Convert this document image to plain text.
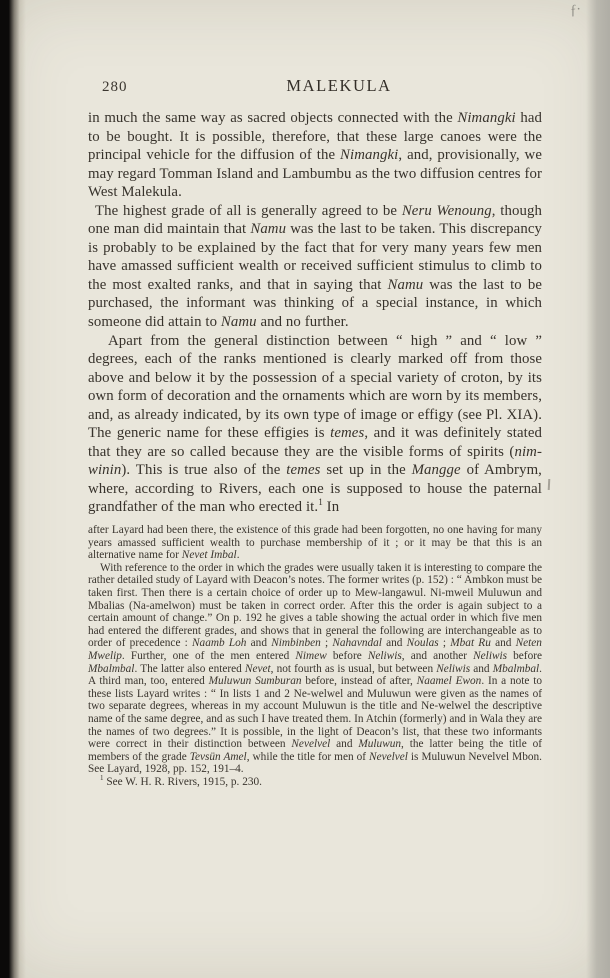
ƒ·
280	MALEKULA

in much the same way as sacred objects connected with the Nimangki had to be bought. It is possible, therefore, that these large canoes were the principal vehicle for the diffusion of the Nimangki, and, provisionally, we may regard Tomman Island and Lambumbu as the two diffusion centres for West Malekula.

The highest grade of all is generally agreed to be Neru Wenoung, though one man did maintain that Namu was the last to be taken. This discrepancy is probably to be explained by the fact that for very many years few men have amassed sufficient wealth or received sufficient stimulus to climb to the most exalted ranks, and that in saying that Namu was the last to be purchased, the informant was thinking of a special instance, in which someone did attain to Namu and no further.

Apart from the general distinction between “ high ” and “ low ” degrees, each of the ranks mentioned is clearly marked off from those above and below it by the possession of a special variety of croton, by its own form of decoration and the ornaments which are worn by its members, and, as already indicated, by its own type of image or effigy (see Pl. XIA). The generic name for these effigies is temes, and it was definitely stated that they are so called because they are the visible forms of spirits (nim-winin). This is true also of the temes set up in the Mangge of Ambrym, where, according to Rivers, each one is supposed to house the paternal grandfather of the man who erected it.$^1$ In

after Layard had been there, the existence of this grade had been forgotten, no one having for many years amassed sufficient wealth to purchase membership of it ; or it may be that this is an alternative name for Nevet Imbal.

With reference to the order in which the grades were usually taken it is interesting to compare the rather detailed study of Layard with Deacon’s notes. The former writes (p. 152) : “ Ambkon must be taken first. Then there is a certain choice of order up to Mew-langawul. Ni-mweil Muluwun and Mbalias (Na-amelwon) must be taken in correct order. After this the order is again subject to a certain amount of change.” On p. 192 he gives a table showing the actual order in which five men had entered the different grades, and shows that in general the following are interchangeable as to order of precedence : Naamb Loh and Nimbinben ; Nahavndal and Noulas ; Mbat Ru and Neten Mwelip. Further, one of the men entered Nimew before Neliwis, and another Neliwis before Mbalmbal. The latter also entered Nevet, not fourth as is usual, but between Neliwis and Mbalmbal. A third man, too, entered Muluwun Sumburan before, instead of after, Naamel Ewon. In a note to these lists Layard writes : “ In lists 1 and 2 Ne-welwel and Muluwun were given as the names of two separate degrees, whereas in my account Muluwun is the title and Ne-welwel the descriptive name of the same degree, and as such I have treated them. In Atchin (formerly) and in Wala they are the names of two degrees.” It is possible, in the light of Deacon’s list, that these two informants were correct in their distinction between Nevelvel and Muluwun, the latter being the title of members of the grade Tevsün Amel, while the title for men of Nevelvel is Muluwun Nevelvel Mbon. See Layard, 1928, pp. 152, 191–4.

$^1$ See W. H. R. Rivers, 1915, p. 230.
